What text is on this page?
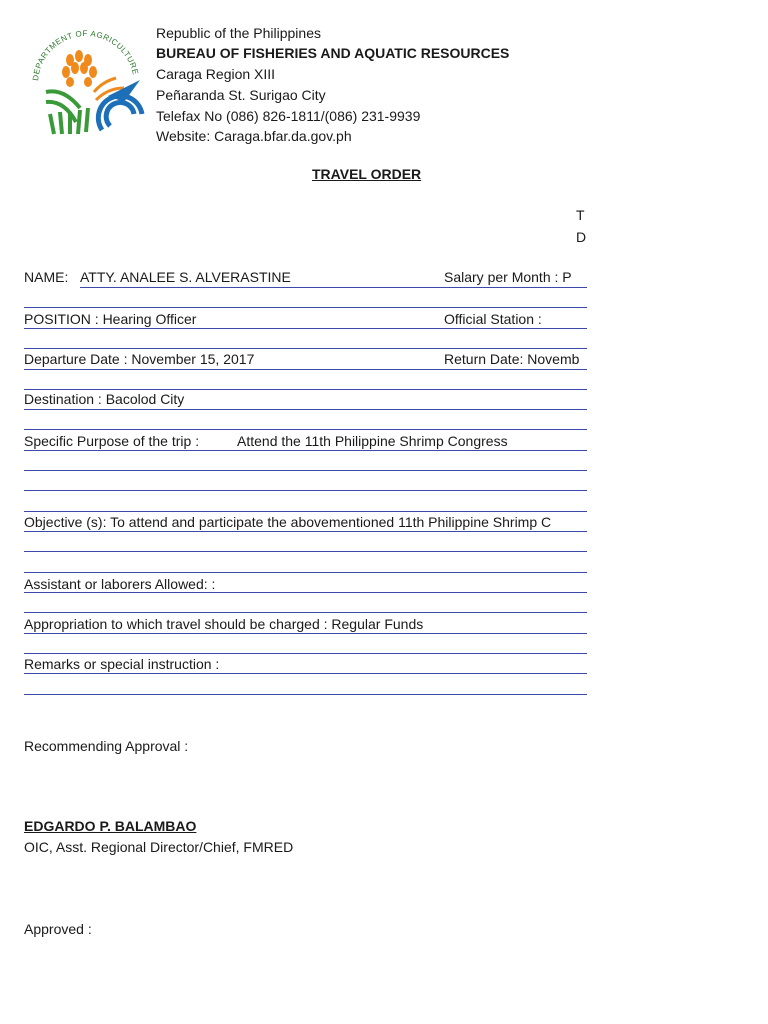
DEPARTMENT OF AGRICULTURE
Republic of the Philippines
BUREAU OF FISHERIES AND AQUATIC RESOURCES
Caraga Region XIII
Peñaranda St. Surigao City
Telefax No (086) 826-1811/(086) 231-9939
Website: Caraga.bfar.da.gov.ph
TRAVEL ORDER
T
D
NAME: ATTY. ANALEE S. ALVERASTINE	Salary per Month : P
POSITION : Hearing Officer	Official Station :
Departure Date : November 15, 2017	Return Date: Novemb
Destination : Bacolod City
Specific Purpose of the trip :	Attend the 11th Philippine Shrimp Congress
Objective (s): To attend and participate the abovementioned 11th Philippine Shrimp C
Assistant or laborers Allowed: :
Appropriation to which travel should be charged : Regular Funds
Remarks or special instruction :
Recommending Approval :
EDGARDO P. BALAMBAO
OIC, Asst. Regional Director/Chief, FMRED
Approved :
